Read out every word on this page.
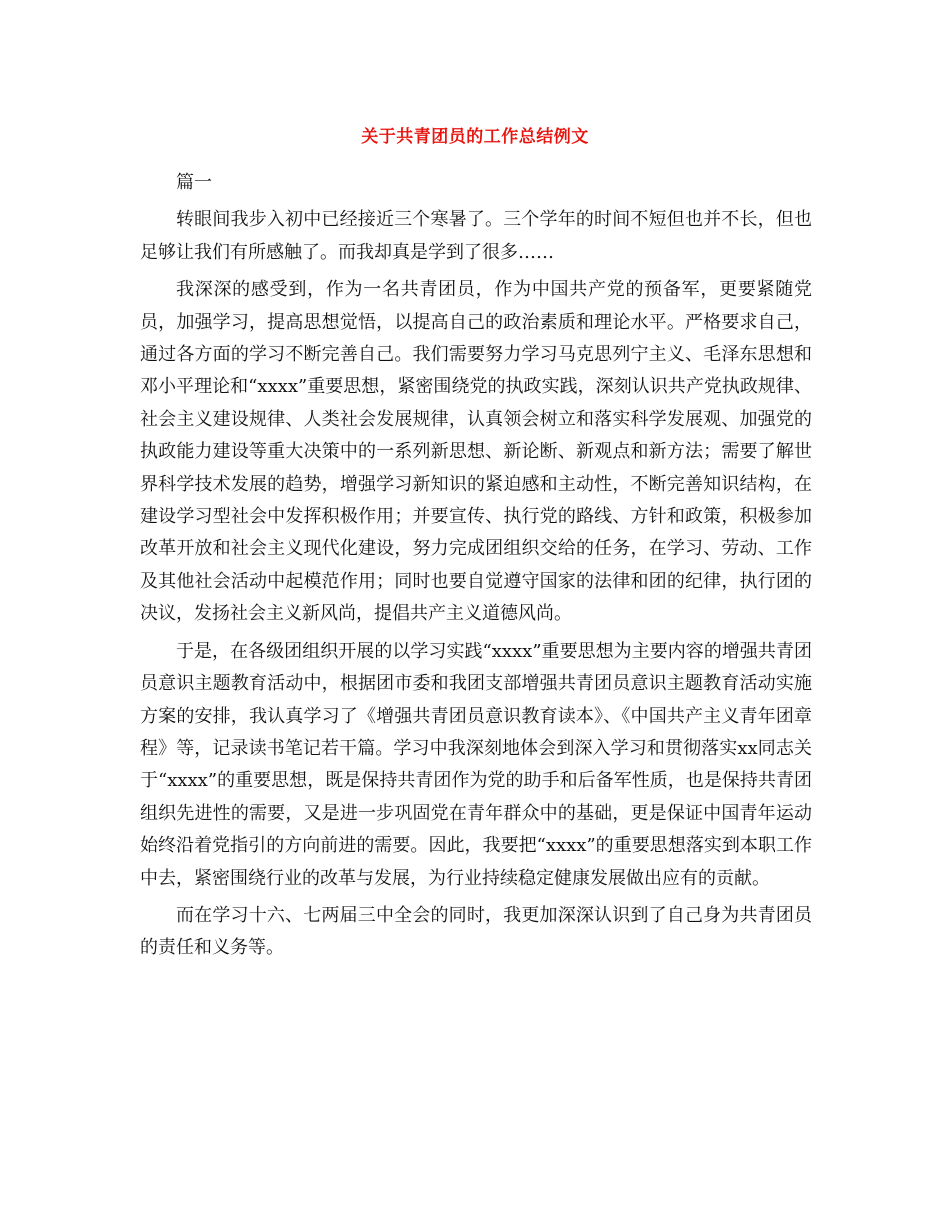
关于共青团员的工作总结例文

篇一

转眼间我步入初中已经接近三个寒暑了。三个学年的时间不短但也并不长，但也足够让我们有所感触了。而我却真是学到了很多……

我深深的感受到，作为一名共青团员，作为中国共产党的预备军，更要紧随党员，加强学习，提高思想觉悟，以提高自己的政治素质和理论水平。严格要求自己，通过各方面的学习不断完善自己。我们需要努力学习马克思列宁主义、毛泽东思想和邓小平理论和“xxxx”重要思想，紧密围绕党的执政实践，深刻认识共产党执政规律、社会主义建设规律、人类社会发展规律，认真领会树立和落实科学发展观、加强党的执政能力建设等重大决策中的一系列新思想、新论断、新观点和新方法；需要了解世界科学技术发展的趋势，增强学习新知识的紧迫感和主动性，不断完善知识结构，在建设学习型社会中发挥积极作用；并要宣传、执行党的路线、方针和政策，积极参加改革开放和社会主义现代化建设，努力完成团组织交给的任务，在学习、劳动、工作及其他社会活动中起模范作用；同时也要自觉遵守国家的法律和团的纪律，执行团的决议，发扬社会主义新风尚，提倡共产主义道德风尚。

于是，在各级团组织开展的以学习实践“xxxx”重要思想为主要内容的增强共青团员意识主题教育活动中，根据团市委和我团支部增强共青团员意识主题教育活动实施方案的安排，我认真学习了《增强共青团员意识教育读本》、《中国共产主义青年团章程》等，记录读书笔记若干篇。学习中我深刻地体会到深入学习和贯彻落实xx同志关于“xxxx”的重要思想，既是保持共青团作为党的助手和后备军性质，也是保持共青团组织先进性的需要，又是进一步巩固党在青年群众中的基础，更是保证中国青年运动始终沿着党指引的方向前进的需要。因此，我要把“xxxx”的重要思想落实到本职工作中去，紧密围绕行业的改革与发展，为行业持续稳定健康发展做出应有的贡献。

而在学习十六、七两届三中全会的同时，我更加深深认识到了自己身为共青团员的责任和义务等。
